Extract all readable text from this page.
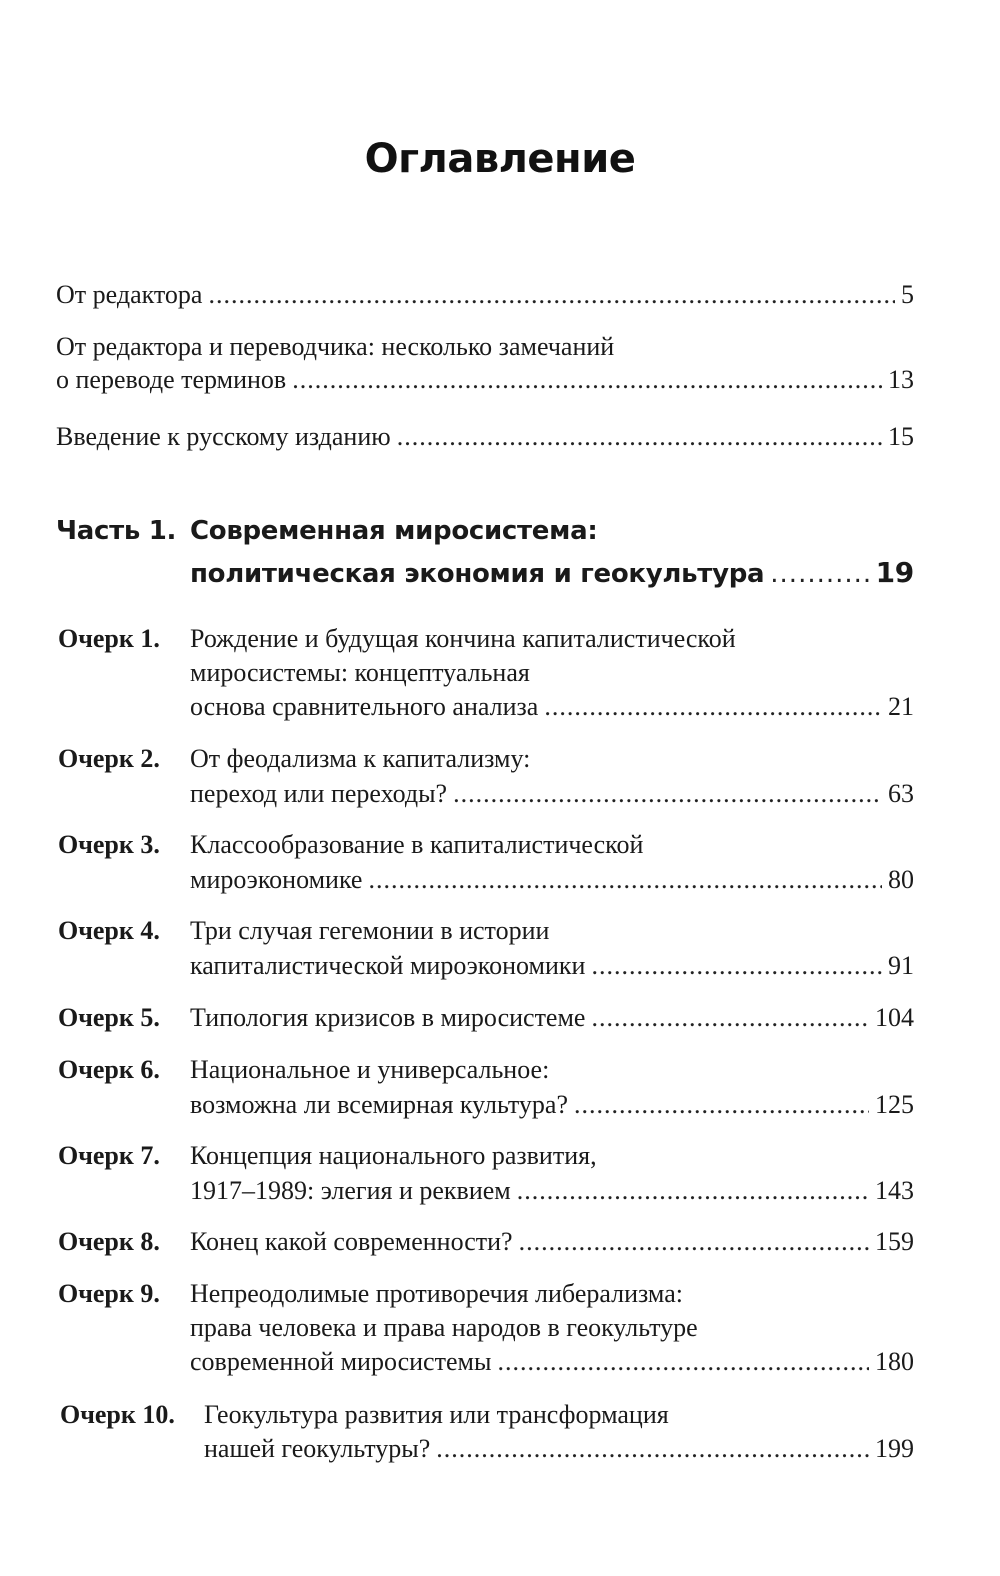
Оглавление
От редактора .....	5
От редактора и переводчика: несколько замечаний
о переводе терминов .....	13
Введение к русскому изданию .....	15
Часть 1. Современная миросистема:
политическая экономия и геокультура .....	19
Очерк 1. Рождение и будущая кончина капиталистической
миросистемы: концептуальная
основа сравнительного анализа .....	21
Очерк 2. От феодализма к капитализму:
переход или переходы? .....	63
Очерк 3. Классообразование в капиталистической
мироэкономике .....	80
Очерк 4. Три случая гегемонии в истории
капиталистической мироэкономики .....	91
Очерк 5. Типология кризисов в миросистеме .....	104
Очерк 6. Национальное и универсальное:
возможна ли всемирная культура? .....	125
Очерк 7. Концепция национального развития,
1917–1989: элегия и реквием .....	143
Очерк 8. Конец какой современности? .....	159
Очерк 9. Непреодолимые противоречия либерализма:
права человека и права народов в геокультуре
современной миросистемы .....	180
Очерк 10. Геокультура развития или трансформация
нашей геокультуры? .....	199
